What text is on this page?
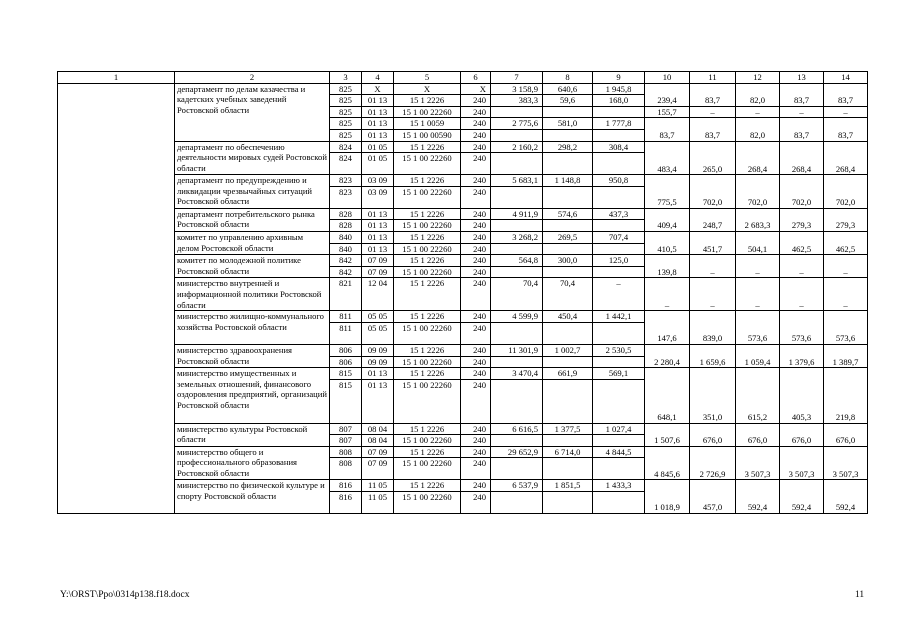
1	2	3	4	5	6	7	8	9	10	11	12	13	14
	департамент по делам казачества и кадетских учебных заведений Ростовской области	825	Х	Х	Х	3 158,9	640,6	1 945,8	239,4	83,7	82,0	83,7	83,7
		825	01 13	15 1 2226	240	383,3	59,6	168,0					
		825	01 13	15 1 00 22260	240				155,7	–	–	–	–
		825	01 13	15 1 0059	240	2 775,6	581,0	1 777,8	83,7	83,7	82,0	83,7	83,7
		825	01 13	15 1 00 00590	240								
	департамент по обеспечению деятельности мировых судей Ростовской области	824	01 05	15 1 2226	240	2 160,2	298,2	308,4	483,4	265,0	268,4	268,4	268,4
		824	01 05	15 1 00 22260	240								
	департамент по предупреждению и ликвидации чрезвычайных ситуаций Ростовской области	823	03 09	15 1 2226	240	5 683,1	1 148,8	950,8	775,5	702,0	702,0	702,0	702,0
		823	03 09	15 1 00 22260	240								
	департамент потребительского рынка Ростовской области	828	01 13	15 1 2226	240	4 911,9	574,6	437,3	409,4	248,7	2 683,3	279,3	279,3
		828	01 13	15 1 00 22260	240								
	комитет по управлению архивным делом Ростовской области	840	01 13	15 1 2226	240	3 268,2	269,5	707,4	410,5	451,7	504,1	462,5	462,5
		840	01 13	15 1 00 22260	240								
	комитет по молодежной политике Ростовской области	842	07 09	15 1 2226	240	564,8	300,0	125,0	139,8	–	–	–	–
		842	07 09	15 1 00 22260	240								
	министерство внутренней и информационной политики Ростовской области	821	12 04	15 1 2226	240	70,4	70,4	–	–	–	–	–	–
	министерство жилищно-коммунального хозяйства Ростовской области	811	05 05	15 1 2226	240	4 599,9	450,4	1 442,1	147,6	839,0	573,6	573,6	573,6
		811	05 05	15 1 00 22260	240								
	министерство здравоохранения Ростовской области	806	09 09	15 1 2226	240	11 301,9	1 002,7	2 530,5	2 280,4	1 659,6	1 059,4	1 379,6	1 389,7
		806	09 09	15 1 00 22260	240								
	министерство имущественных и земельных отношений, финансового оздоровления предприятий, организаций Ростовской области	815	01 13	15 1 2226	240	3 470,4	661,9	569,1	648,1	351,0	615,2	405,3	219,8
		815	01 13	15 1 00 22260	240								
	министерство культуры Ростовской области	807	08 04	15 1 2226	240	6 616,5	1 377,5	1 027,4	1 507,6	676,0	676,0	676,0	676,0
		807	08 04	15 1 00 22260	240								
	министерство общего и профессионального образования Ростовской области	808	07 09	15 1 2226	240	29 652,9	6 714,0	4 844,5	4 845,6	2 726,9	3 507,3	3 507,3	3 507,3
		808	07 09	15 1 00 22260	240								
	министерство по физической культуре и спорту Ростовской области	816	11 05	15 1 2226	240	6 537,9	1 851,5	1 433,3	1 018,9	457,0	592,4	592,4	592,4
		816	11 05	15 1 00 22260	240								
Y:\ORST\Ppo\0314p138.f18.docx	11
